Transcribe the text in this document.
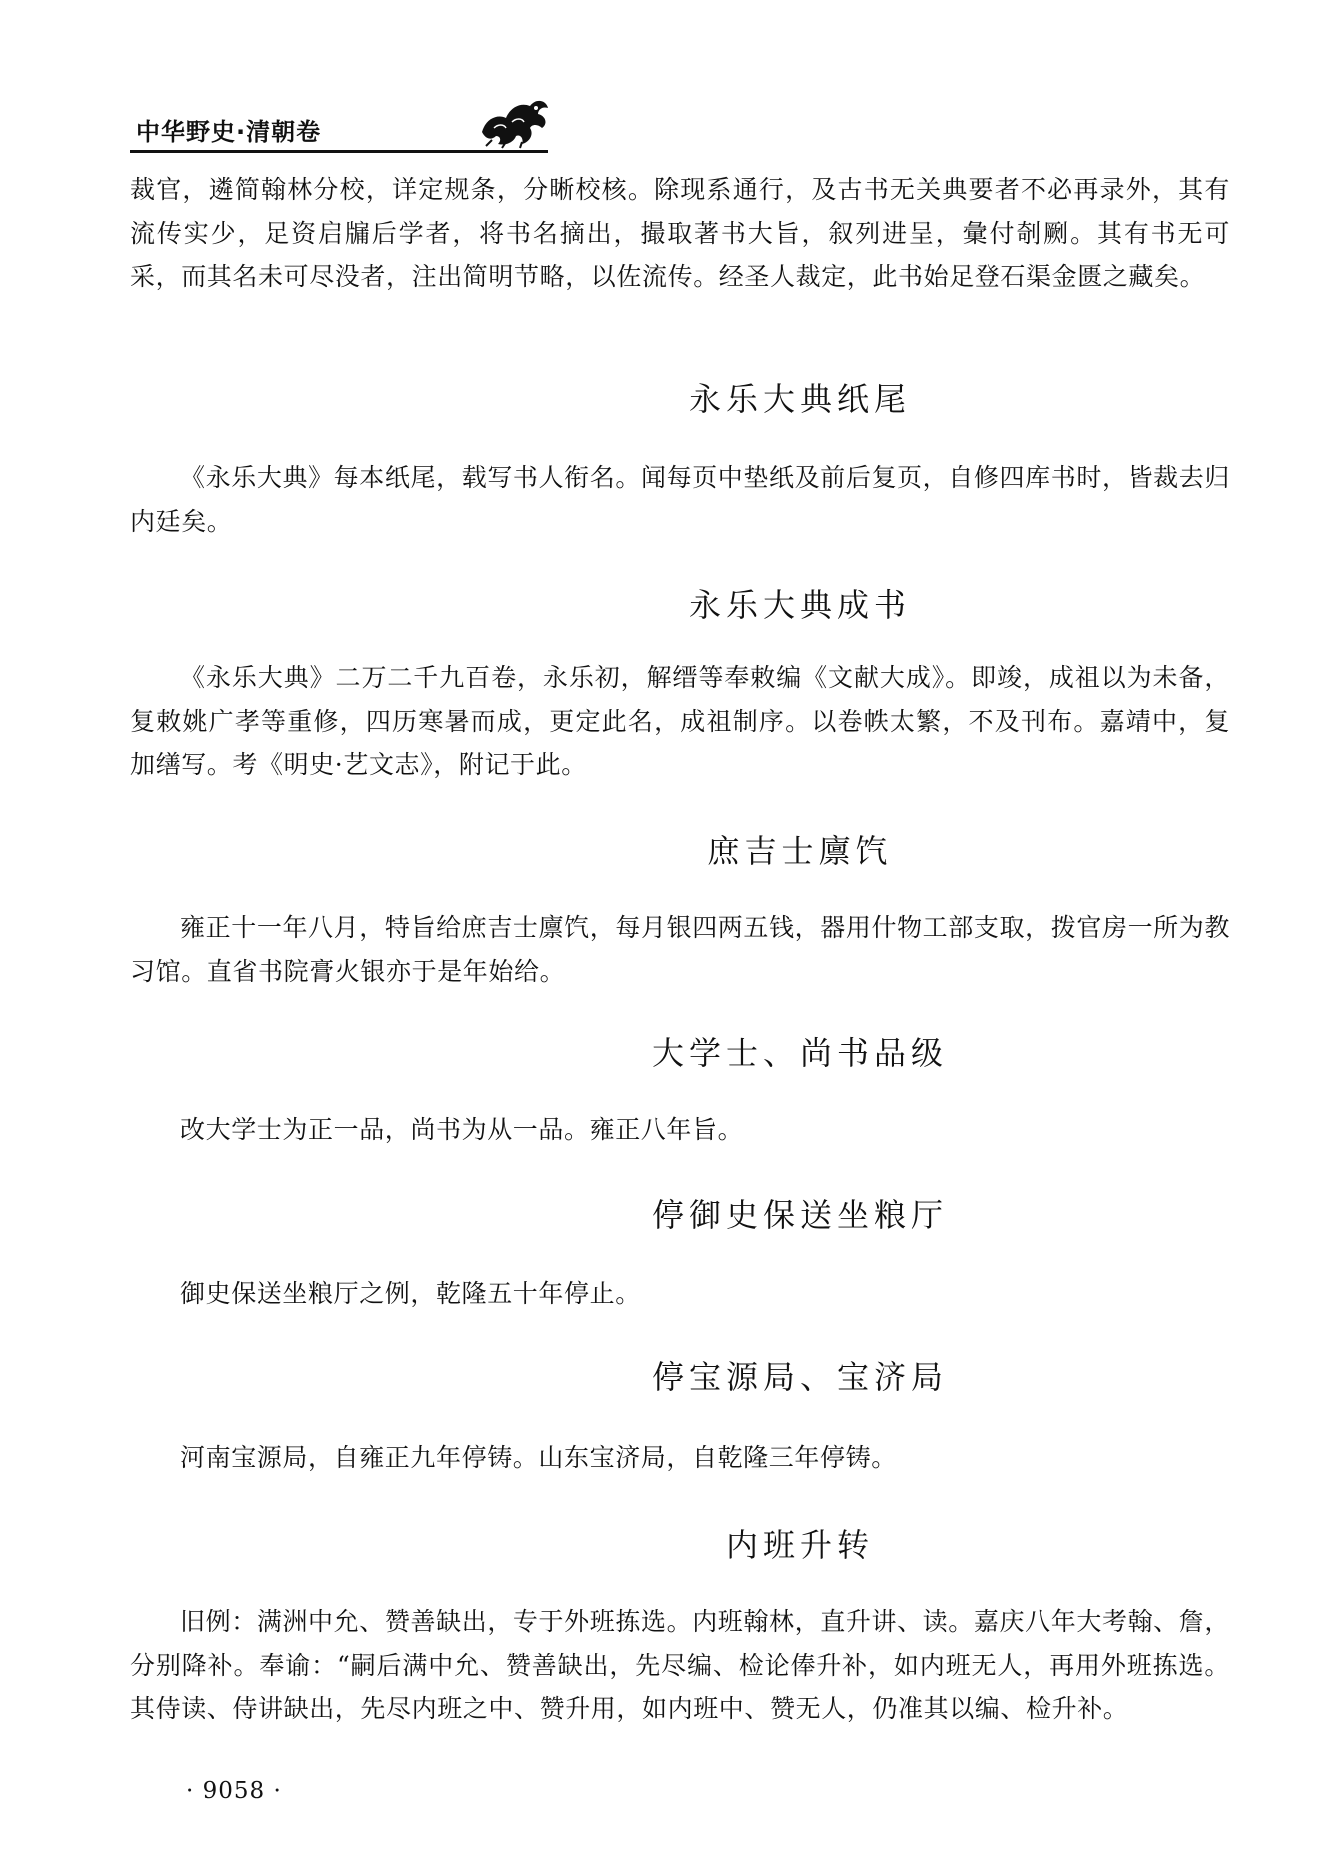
中华野史·清朝卷

裁官，遴简翰林分校，详定规条，分晰校核。除现系通行，及古书无关典要者不必再录外，其有流传实少，足资启牖后学者，将书名摘出，撮取著书大旨，叙列进呈，彙付剞劂。其有书无可采，而其名未可尽没者，注出简明节略，以佐流传。经圣人裁定，此书始足登石渠金匮之藏矣。

永乐大典纸尾

《永乐大典》每本纸尾，载写书人衔名。闻每页中垫纸及前后复页，自修四库书时，皆裁去归内廷矣。

永乐大典成书

《永乐大典》二万二千九百卷，永乐初，解缙等奉敕编《文献大成》。即竣，成祖以为未备，复敕姚广孝等重修，四历寒暑而成，更定此名，成祖制序。以卷帙太繁，不及刊布。嘉靖中，复加缮写。考《明史·艺文志》，附记于此。

庶吉士廪饩

雍正十一年八月，特旨给庶吉士廪饩，每月银四两五钱，器用什物工部支取，拨官房一所为教习馆。直省书院膏火银亦于是年始给。

大学士、尚书品级

改大学士为正一品，尚书为从一品。雍正八年旨。

停御史保送坐粮厅

御史保送坐粮厅之例，乾隆五十年停止。

停宝源局、宝济局

河南宝源局，自雍正九年停铸。山东宝济局，自乾隆三年停铸。

内班升转

旧例：满洲中允、赞善缺出，专于外班拣选。内班翰林，直升讲、读。嘉庆八年大考翰、詹，分别降补。奉谕：“嗣后满中允、赞善缺出，先尽编、检论俸升补，如内班无人，再用外班拣选。其侍读、侍讲缺出，先尽内班之中、赞升用，如内班中、赞无人，仍准其以编、检升补。

· 9058 ·
